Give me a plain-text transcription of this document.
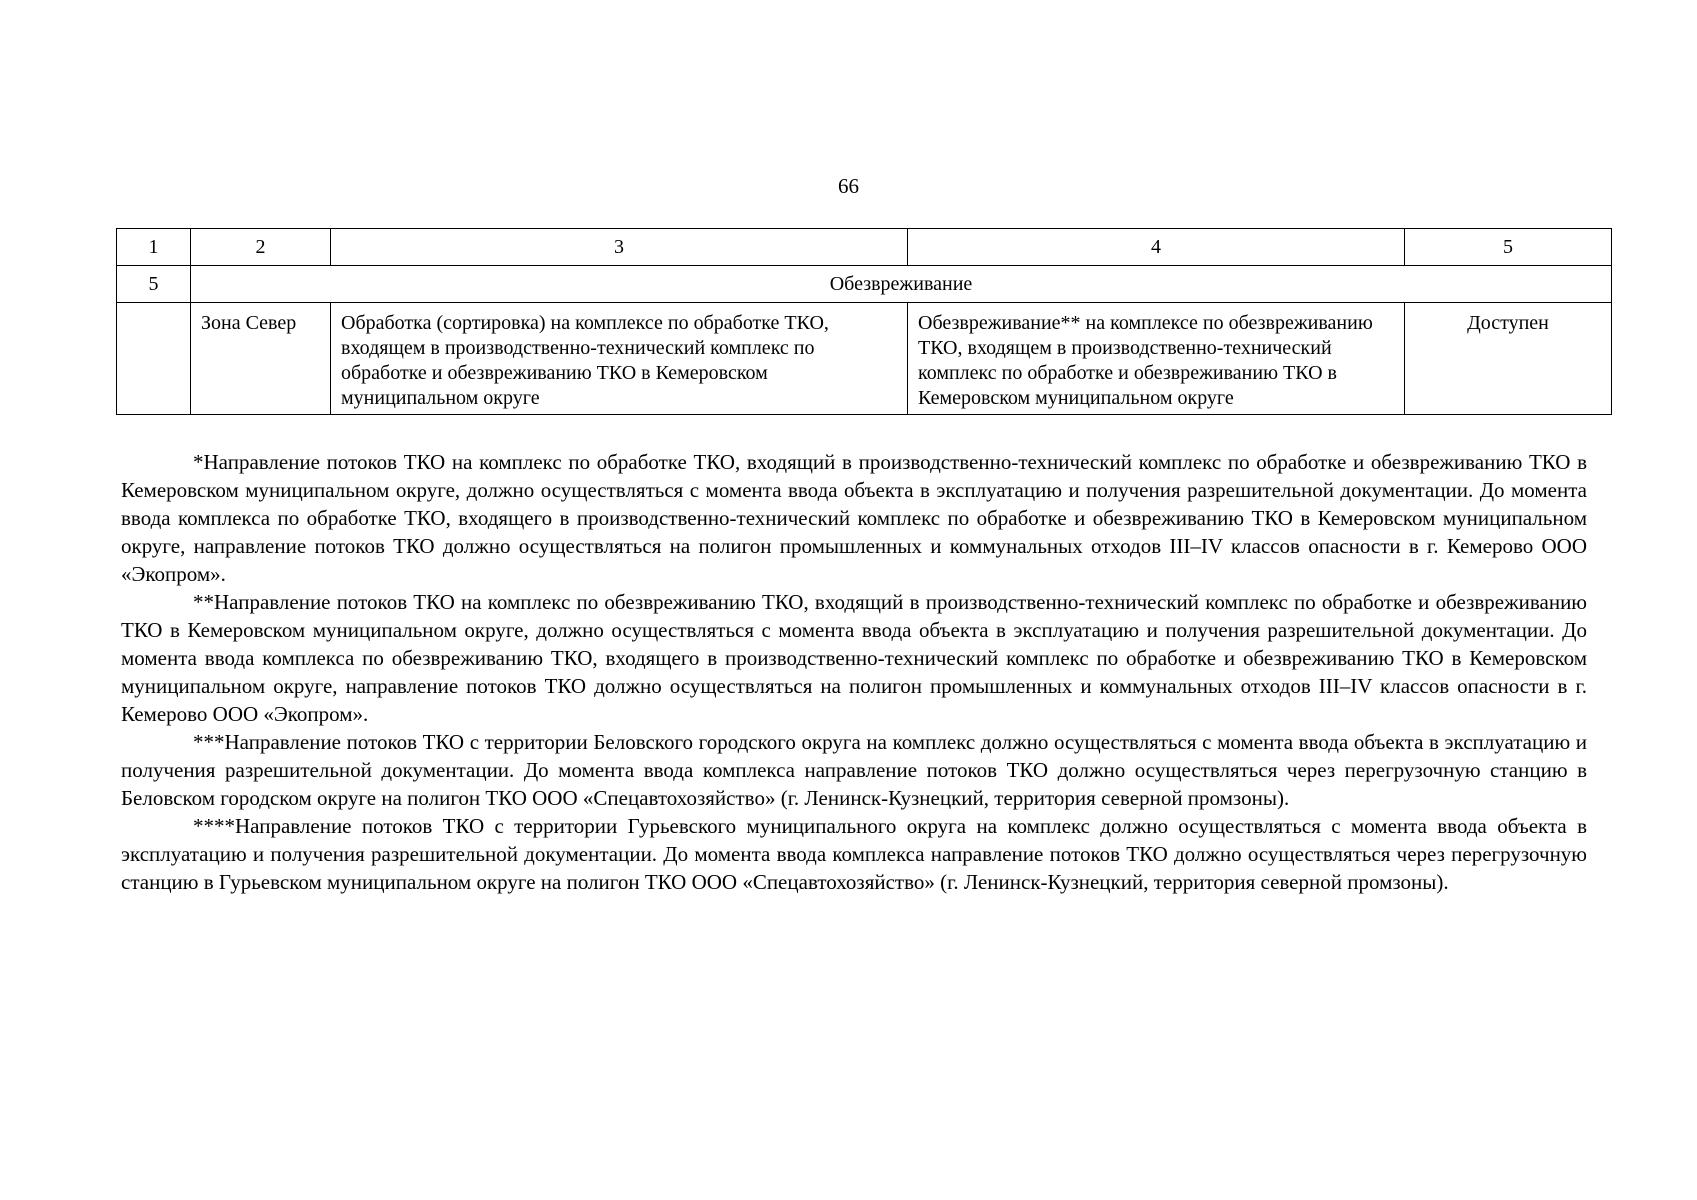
66
1	2	3	4	5
5	Обезвреживание			
	Зона Север	Обработка (сортировка) на комплексе по обработке ТКО, входящем в производственно-технический комплекс по обработке и обезвреживанию ТКО в Кемеровском муниципальном округе	Обезвреживание** на комплексе по обезвреживанию ТКО, входящем в производственно-технический комплекс по обработке и обезвреживанию ТКО в Кемеровском муниципальном округе	Доступен

*Направление потоков ТКО на комплекс по обработке ТКО, входящий в производственно-технический комплекс по обработке и обезвреживанию ТКО в Кемеровском муниципальном округе, должно осуществляться с момента ввода объекта в эксплуатацию и получения разрешительной документации. До момента ввода комплекса по обработке ТКО, входящего в производственно-технический комплекс по обработке и обезвреживанию ТКО в Кемеровском муниципальном округе, направление потоков ТКО должно осуществляться на полигон промышленных и коммунальных отходов III–IV классов опасности в г. Кемерово ООО «Экопром».

**Направление потоков ТКО на комплекс по обезвреживанию ТКО, входящий в производственно-технический комплекс по обработке и обезвреживанию ТКО в Кемеровском муниципальном округе, должно осуществляться с момента ввода объекта в эксплуатацию и получения разрешительной документации. До момента ввода комплекса по обезвреживанию ТКО, входящего в производственно-технический комплекс по обработке и обезвреживанию ТКО в Кемеровском муниципальном округе, направление потоков ТКО должно осуществляться на полигон промышленных и коммунальных отходов III–IV классов опасности в г. Кемерово ООО «Экопром».

***Направление потоков ТКО с территории Беловского городского округа на комплекс должно осуществляться с момента ввода объекта в эксплуатацию и получения разрешительной документации. До момента ввода комплекса направление потоков ТКО должно осуществляться через перегрузочную станцию в Беловском городском округе на полигон ТКО ООО «Спецавтохозяйство» (г. Ленинск-Кузнецкий, территория северной промзоны).

****Направление потоков ТКО с территории Гурьевского муниципального округа на комплекс должно осуществляться с момента ввода объекта в эксплуатацию и получения разрешительной документации. До момента ввода комплекса направление потоков ТКО должно осуществляться через перегрузочную станцию в Гурьевском муниципальном округе на полигон ТКО ООО «Спецавтохозяйство» (г. Ленинск-Кузнецкий, территория северной промзоны).
